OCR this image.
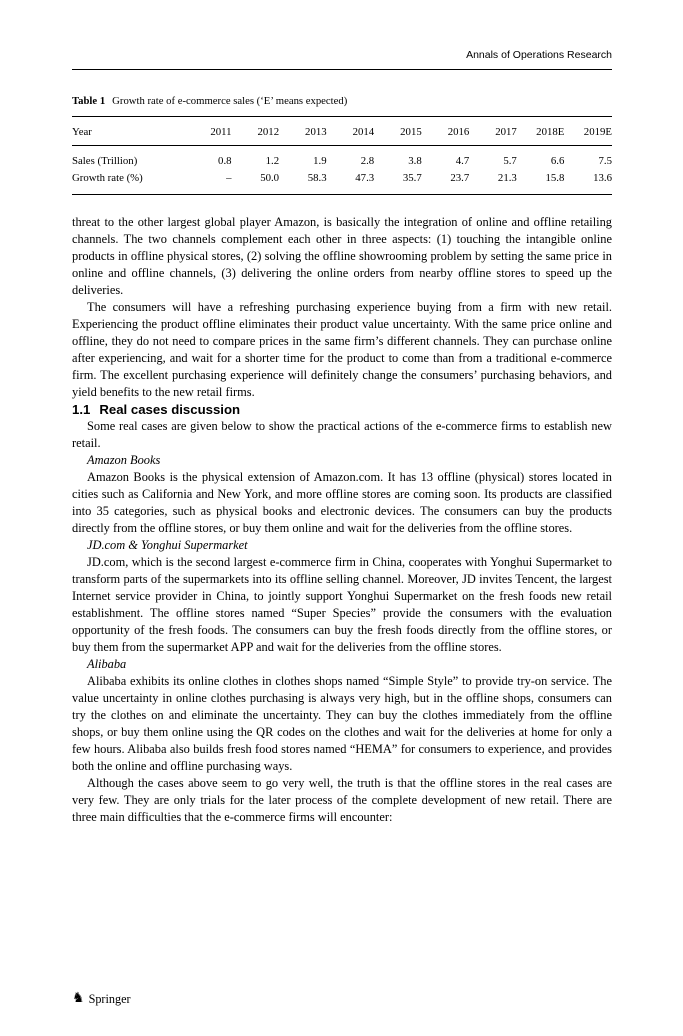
Annals of Operations Research
Table 1 Growth rate of e-commerce sales (‘E’ means expected)
Year	2011	2012	2013	2014	2015	2016	2017	2018E	2019E
Sales (Trillion)	0.8	1.2	1.9	2.8	3.8	4.7	5.7	6.6	7.5
Growth rate (%)	–	50.0	58.3	47.3	35.7	23.7	21.3	15.8	13.6

threat to the other largest global player Amazon, is basically the integration of online and offline retailing channels. The two channels complement each other in three aspects: (1) touching the intangible online products in offline physical stores, (2) solving the offline showrooming problem by setting the same price in online and offline channels, (3) delivering the online orders from nearby offline stores to speed up the deliveries.

The consumers will have a refreshing purchasing experience buying from a firm with new retail. Experiencing the product offline eliminates their product value uncertainty. With the same price online and offline, they do not need to compare prices in the same firm’s different channels. They can purchase online after experiencing, and wait for a shorter time for the product to come than from a traditional e-commerce firm. The excellent purchasing experience will definitely change the consumers’ purchasing behaviors, and yield benefits to the new retail firms.

1.1 Real cases discussion

Some real cases are given below to show the practical actions of the e-commerce firms to establish new retail.

Amazon Books

Amazon Books is the physical extension of Amazon.com. It has 13 offline (physical) stores located in cities such as California and New York, and more offline stores are coming soon. Its products are classified into 35 categories, such as physical books and electronic devices. The consumers can buy the products directly from the offline stores, or buy them online and wait for the deliveries from the offline stores.

JD.com & Yonghui Supermarket

JD.com, which is the second largest e-commerce firm in China, cooperates with Yonghui Supermarket to transform parts of the supermarkets into its offline selling channel. Moreover, JD invites Tencent, the largest Internet service provider in China, to jointly support Yonghui Supermarket on the fresh foods new retail establishment. The offline stores named “Super Species” provide the consumers with the evaluation opportunity of the fresh foods. The consumers can buy the fresh foods directly from the offline stores, or buy them from the supermarket APP and wait for the deliveries from the offline stores.

Alibaba

Alibaba exhibits its online clothes in clothes shops named “Simple Style” to provide try-on service. The value uncertainty in online clothes purchasing is always very high, but in the offline shops, consumers can try the clothes on and eliminate the uncertainty. They can buy the clothes immediately from the offline shops, or buy them online using the QR codes on the clothes and wait for the deliveries at home for only a few hours. Alibaba also builds fresh food stores named “HEMA” for consumers to experience, and provides both the online and offline purchasing ways.

Although the cases above seem to go very well, the truth is that the offline stores in the real cases are very few. They are only trials for the later process of the complete development of new retail. There are three main difficulties that the e-commerce firms will encounter:

♞ Springer
